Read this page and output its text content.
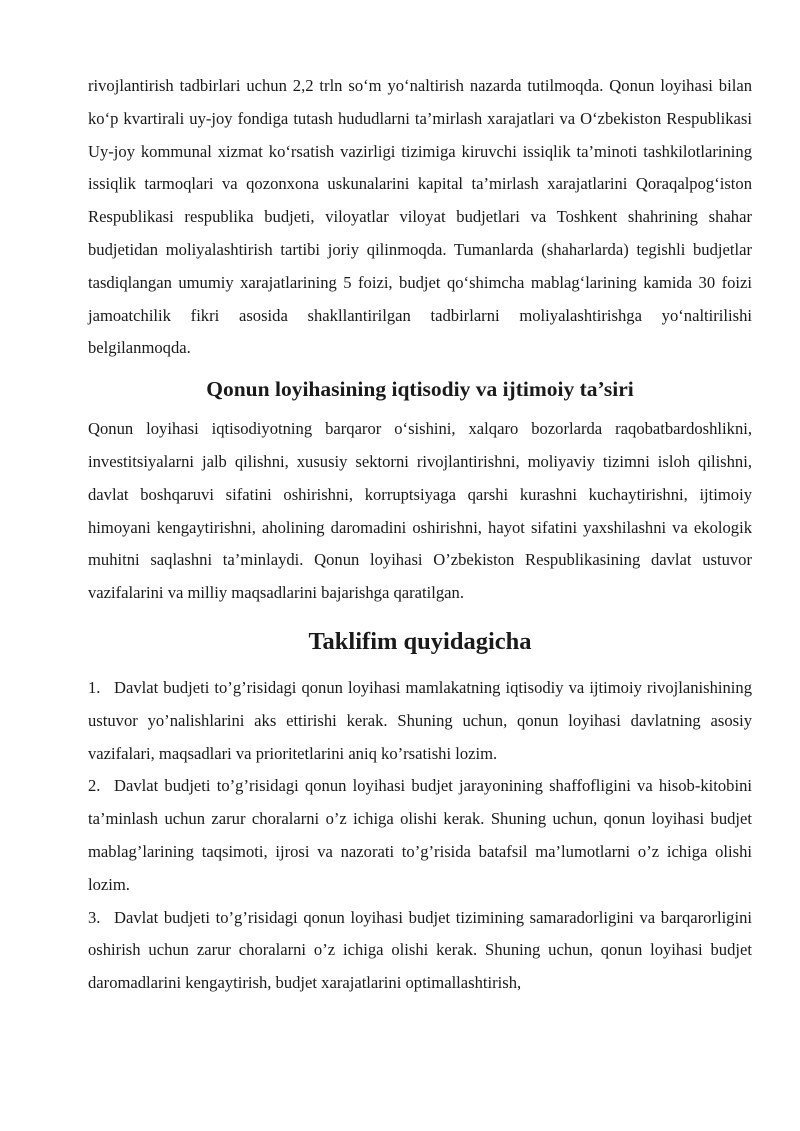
rivojlantirish tadbirlari uchun 2,2 trln so‘m yo‘naltirish nazarda tutilmoqda. Qonun loyihasi bilan ko‘p kvartirali uy-joy fondiga tutash hududlarni ta’mirlash xarajatlari va O‘zbekiston Respublikasi Uy-joy kommunal xizmat ko‘rsatish vazirligi tizimiga kiruvchi issiqlik ta’minoti tashkilotlarining issiqlik tarmoqlari va qozonxona uskunalarini kapital ta’mirlash xarajatlarini Qoraqalpog‘iston Respublikasi respublika budjeti, viloyatlar viloyat budjetlari va Toshkent shahrining shahar budjetidan moliyalashtirish tartibi joriy qilinmoqda. Tumanlarda (shaharlarda) tegishli budjetlar tasdiqlangan umumiy xarajatlarining 5 foizi, budjet qo‘shimcha mablag‘larining kamida 30 foizi jamoatchilik fikri asosida shakllantirilgan tadbirlarni moliyalashtirishga yo‘naltirilishi belgilanmoqda.

Qonun loyihasining iqtisodiy va ijtimoiy ta’siri

Qonun loyihasi iqtisodiyotning barqaror o‘sishini, xalqaro bozorlarda raqobatbardoshlikni, investitsiyalarni jalb qilishni, xususiy sektorni rivojlantirishni, moliyaviy tizimni isloh qilishni, davlat boshqaruvi sifatini oshirishni, korruptsiyaga qarshi kurashni kuchaytirishni, ijtimoiy himoyani kengaytirishni, aholining daromadini oshirishni, hayot sifatini yaxshilashni va ekologik muhitni saqlashni ta’minlaydi. Qonun loyihasi O’zbekiston Respublikasining davlat ustuvor vazifalarini va milliy maqsadlarini bajarishga qaratilgan.

Taklifim quyidagicha

1. Davlat budjeti to’g’risidagi qonun loyihasi mamlakatning iqtisodiy va ijtimoiy rivojlanishining ustuvor yo’nalishlarini aks ettirishi kerak. Shuning uchun, qonun loyihasi davlatning asosiy vazifalari, maqsadlari va prioritetlarini aniq ko’rsatishi lozim.

2. Davlat budjeti to’g’risidagi qonun loyihasi budjet jarayonining shaffofligini va hisob-kitobini ta’minlash uchun zarur choralarni o’z ichiga olishi kerak. Shuning uchun, qonun loyihasi budjet mablag’larining taqsimoti, ijrosi va nazorati to’g’risida batafsil ma’lumotlarni o’z ichiga olishi lozim.

3. Davlat budjeti to’g’risidagi qonun loyihasi budjet tizimining samaradorligini va barqarorligini oshirish uchun zarur choralarni o’z ichiga olishi kerak. Shuning uchun, qonun loyihasi budjet daromadlarini kengaytirish, budjet xarajatlarini optimallashtirish,
